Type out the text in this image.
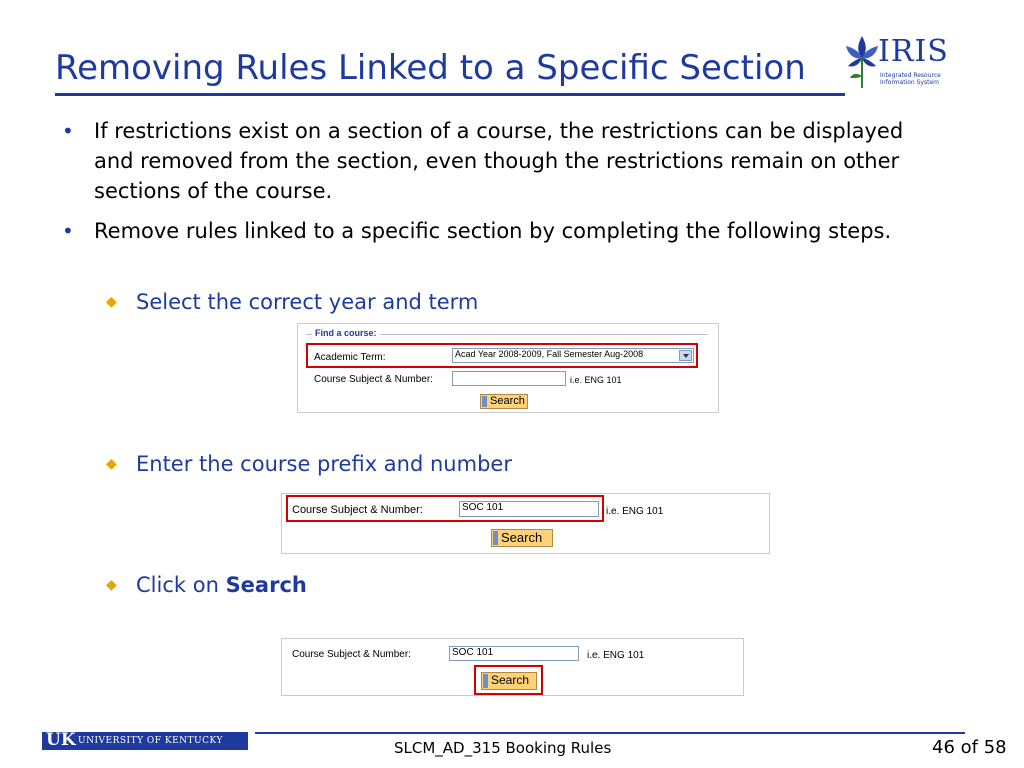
Removing Rules Linked to a Specific Section IRIS
Integrated Resource
Information System
• If restrictions exist on a section of a course, the restrictions can be displayed and removed from the section, even though the restrictions remain on other sections of the course.
• Remove rules linked to a specific section by completing the following steps.
◆ Select the correct year and term
Find a course:
Academic Term:	Acad Year 2008-2009, Fall Semester Aug-2008
Course Subject & Number:	i.e. ENG 101
Search
◆ Enter the course prefix and number
Course Subject & Number:	SOC 101	i.e. ENG 101
Search
◆ Click on Search
Course Subject & Number:	SOC 101	i.e. ENG 101
Search
UK UNIVERSITY OF KENTUCKY	SLCM_AD_315 Booking Rules	46 of 58
